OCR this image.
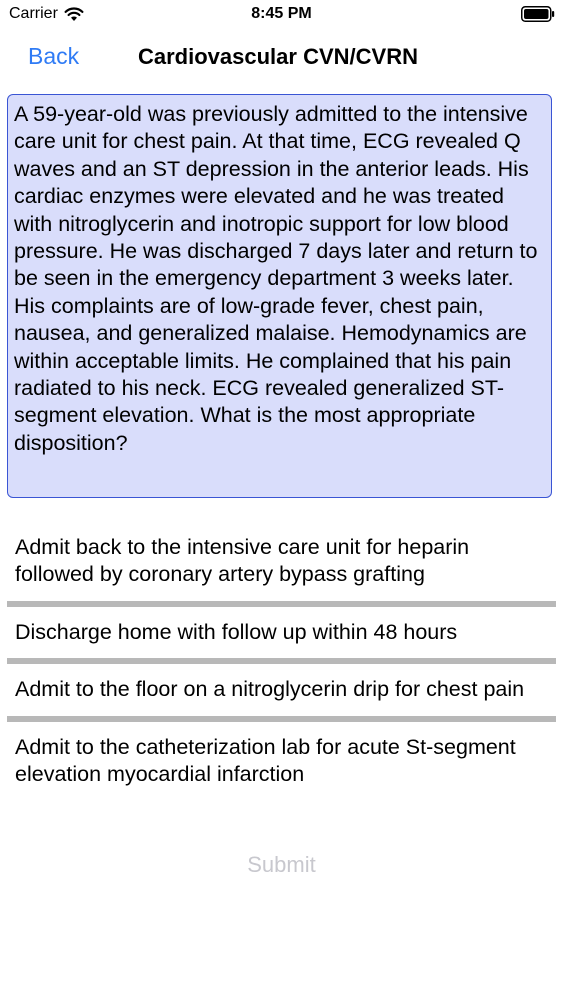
Carrier	8:45 PM
Back	Cardiovascular CVN/CVRN
A 59-year-old was previously admitted to the intensive care unit for chest pain. At that time, ECG revealed Q waves and an ST depression in the anterior leads. His cardiac enzymes were elevated and he was treated with nitroglycerin and inotropic support for low blood pressure. He was discharged 7 days later and return to be seen in the emergency department 3 weeks later. His complaints are of low-grade fever, chest pain, nausea, and generalized malaise. Hemodynamics are within acceptable limits. He complained that his pain radiated to his neck. ECG revealed generalized ST-segment elevation. What is the most appropriate disposition?
Admit back to the intensive care unit for heparin followed by coronary artery bypass grafting
Discharge home with follow up within 48 hours
Admit to the floor on a nitroglycerin drip for chest pain
Admit to the catheterization lab for acute St-segment elevation myocardial infarction
Submit
